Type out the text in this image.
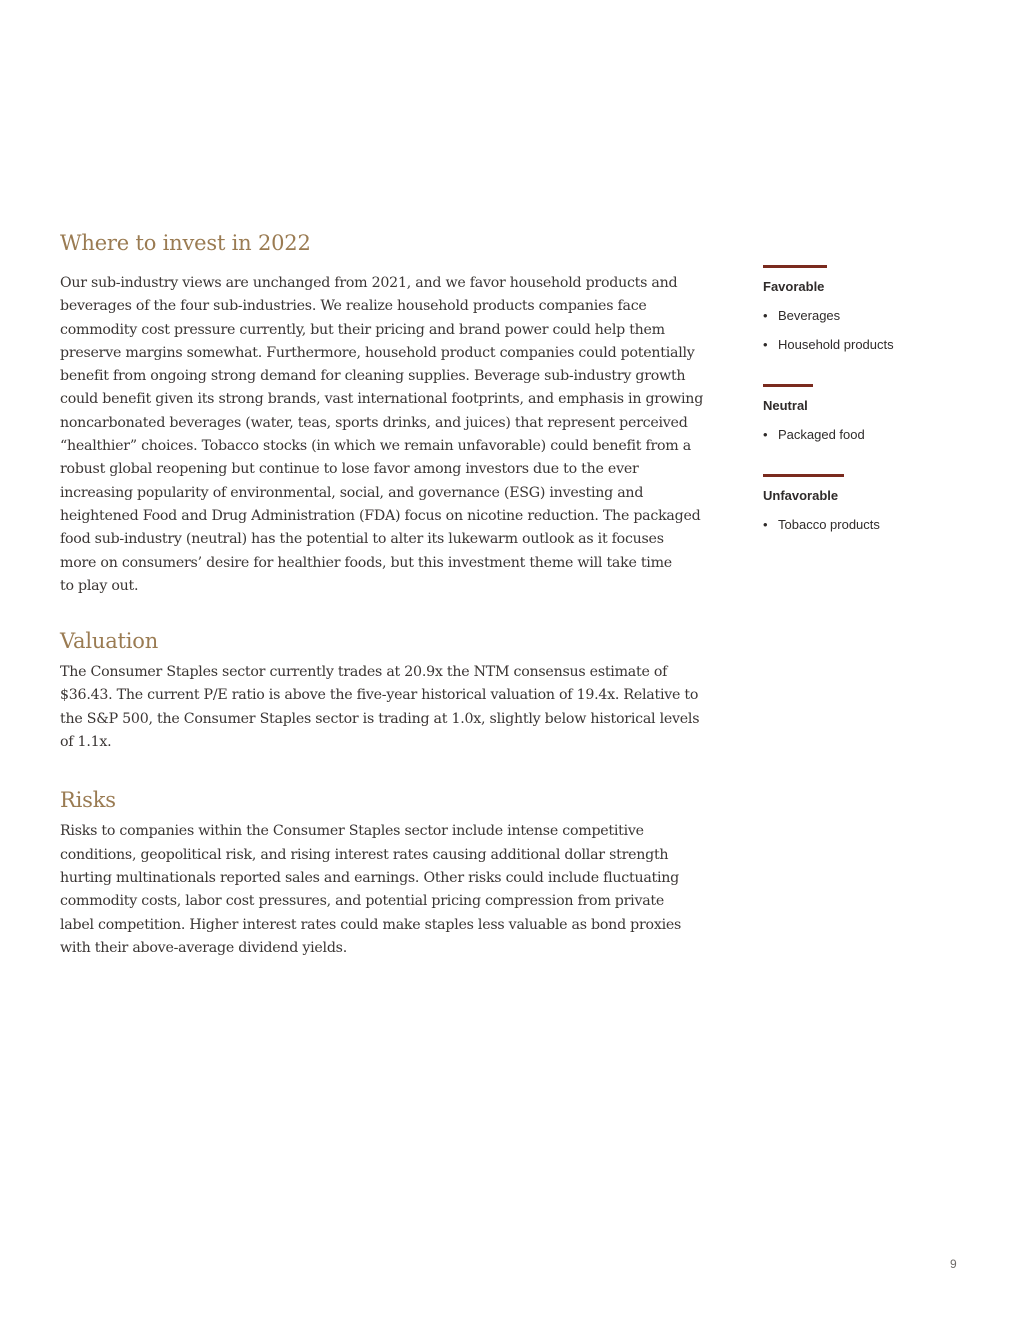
Where to invest in 2022

Our sub-industry views are unchanged from 2021, and we favor household products and
beverages of the four sub-industries. We realize household products companies face
commodity cost pressure currently, but their pricing and brand power could help them
preserve margins somewhat. Furthermore, household product companies could potentially
benefit from ongoing strong demand for cleaning supplies. Beverage sub-industry growth
could benefit given its strong brands, vast international footprints, and emphasis in growing
noncarbonated beverages (water, teas, sports drinks, and juices) that represent perceived
“healthier” choices. Tobacco stocks (in which we remain unfavorable) could benefit from a
robust global reopening but continue to lose favor among investors due to the ever
increasing popularity of environmental, social, and governance (ESG) investing and
heightened Food and Drug Administration (FDA) focus on nicotine reduction. The packaged
food sub-industry (neutral) has the potential to alter its lukewarm outlook as it focuses
more on consumers’ desire for healthier foods, but this investment theme will take time
to play out.

Valuation

The Consumer Staples sector currently trades at 20.9x the NTM consensus estimate of
$36.43. The current P/E ratio is above the five-year historical valuation of 19.4x. Relative to
the S&P 500, the Consumer Staples sector is trading at 1.0x, slightly below historical levels
of 1.1x.

Risks

Risks to companies within the Consumer Staples sector include intense competitive
conditions, geopolitical risk, and rising interest rates causing additional dollar strength
hurting multinationals reported sales and earnings. Other risks could include fluctuating
commodity costs, labor cost pressures, and potential pricing compression from private
label competition. Higher interest rates could make staples less valuable as bond proxies
with their above-average dividend yields.

Favorable
• Beverages
• Household products
Neutral
• Packaged food
Unfavorable
• Tobacco products
9
